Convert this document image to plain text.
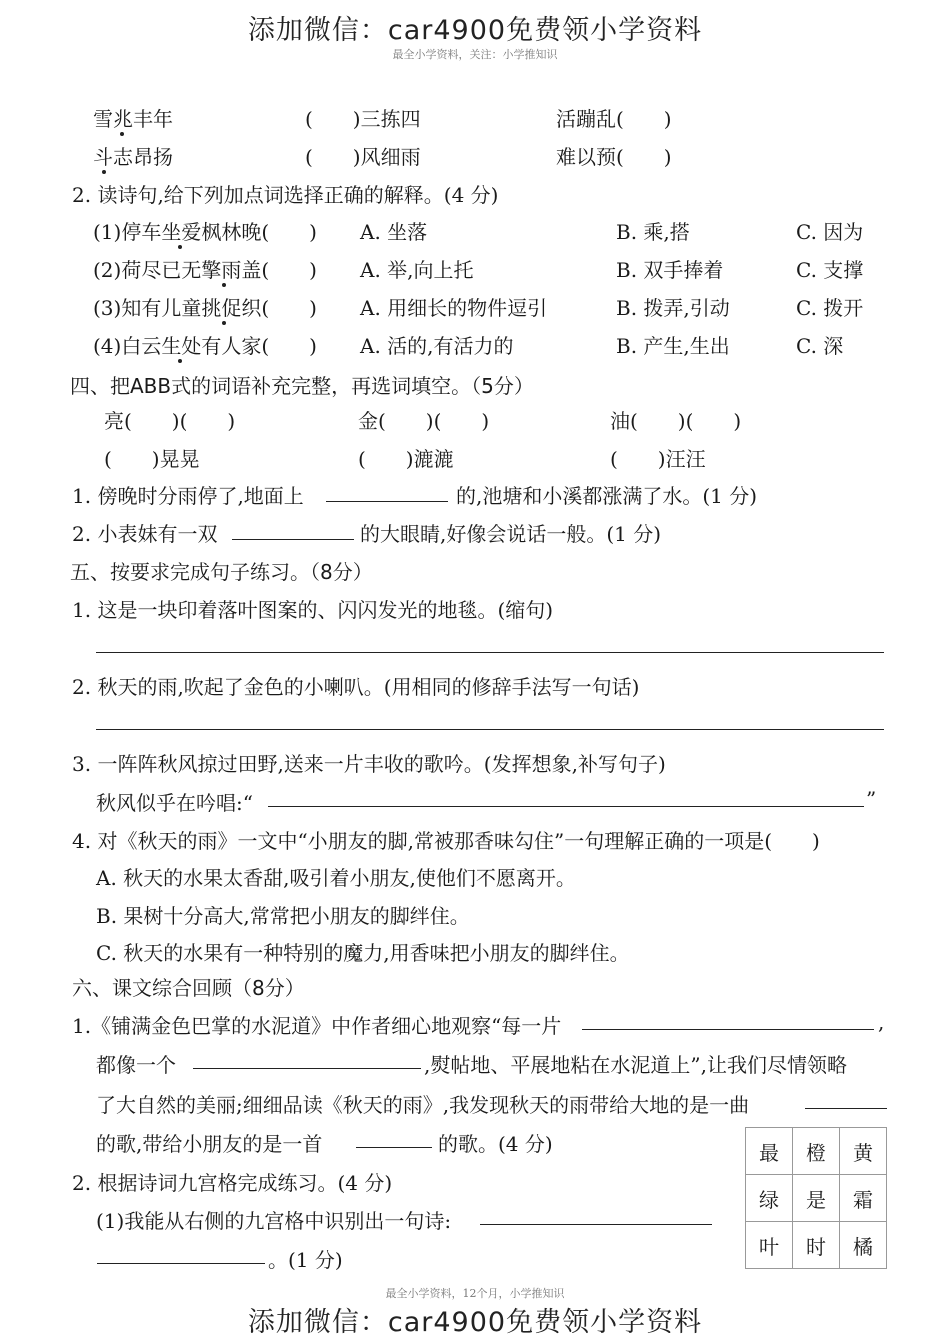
添加微信：car4900免费领小学资料
最全小学资料，关注：小学推知识
雪兆丰年	(　　)三拣四	活蹦乱(　　)
斗志昂扬	(　　)风细雨	难以预(　　)
2. 读诗句,给下列加点词选择正确的解释。(4 分)
(1)停车坐爱枫林晚(　　) A. 坐落	B. 乘,搭	C. 因为
(2)荷尽已无擎雨盖(　　) A. 举,向上托	B. 双手捧着	C. 支撑
(3)知有儿童挑促织(　　) A. 用细长的物件逗引	B. 拨弄,引动	C. 拨开
(4)白云生处有人家(　　) A. 活的,有活力的	B. 产生,生出	C. 深
四、把ABB式的词语补充完整，再选词填空。（5分）
亮(　　)(　　)	金(　　)(　　)	油(　　)(　　)
(　　)晃晃	(　　)漉漉	(　　)汪汪
1. 傍晚时分雨停了,地面上	的,池塘和小溪都涨满了水。(1 分)
2. 小表妹有一双	的大眼睛,好像会说话一般。(1 分)
五、按要求完成句子练习。（8分）
1. 这是一块印着落叶图案的、闪闪发光的地毯。(缩句)
2. 秋天的雨,吹起了金色的小喇叭。(用相同的修辞手法写一句话)
3. 一阵阵秋风掠过田野,送来一片丰收的歌吟。(发挥想象,补写句子)
秋风似乎在吟唱:“	”
4. 对《秋天的雨》一文中“小朋友的脚,常被那香味勾住”一句理解正确的一项是(　　)
A. 秋天的水果太香甜,吸引着小朋友,使他们不愿离开。
B. 果树十分高大,常常把小朋友的脚绊住。
C. 秋天的水果有一种特别的魔力,用香味把小朋友的脚绊住。
六、课文综合回顾（8分）
1.《铺满金色巴掌的水泥道》中作者细心地观察“每一片	,
都像一个	,熨帖地、平展地粘在水泥道上”,让我们尽情领略
了大自然的美丽;细细品读《秋天的雨》,我发现秋天的雨带给大地的是一曲
的歌,带给小朋友的是一首	的歌。(4 分)
2. 根据诗词九宫格完成练习。(4 分)
(1)我能从右侧的九宫格中识别出一句诗:
。(1 分)
最	橙	黄
绿	是	霜
叶	时	橘
最全小学资料，12个月，小学推知识
添加微信：car4900免费领小学资料
